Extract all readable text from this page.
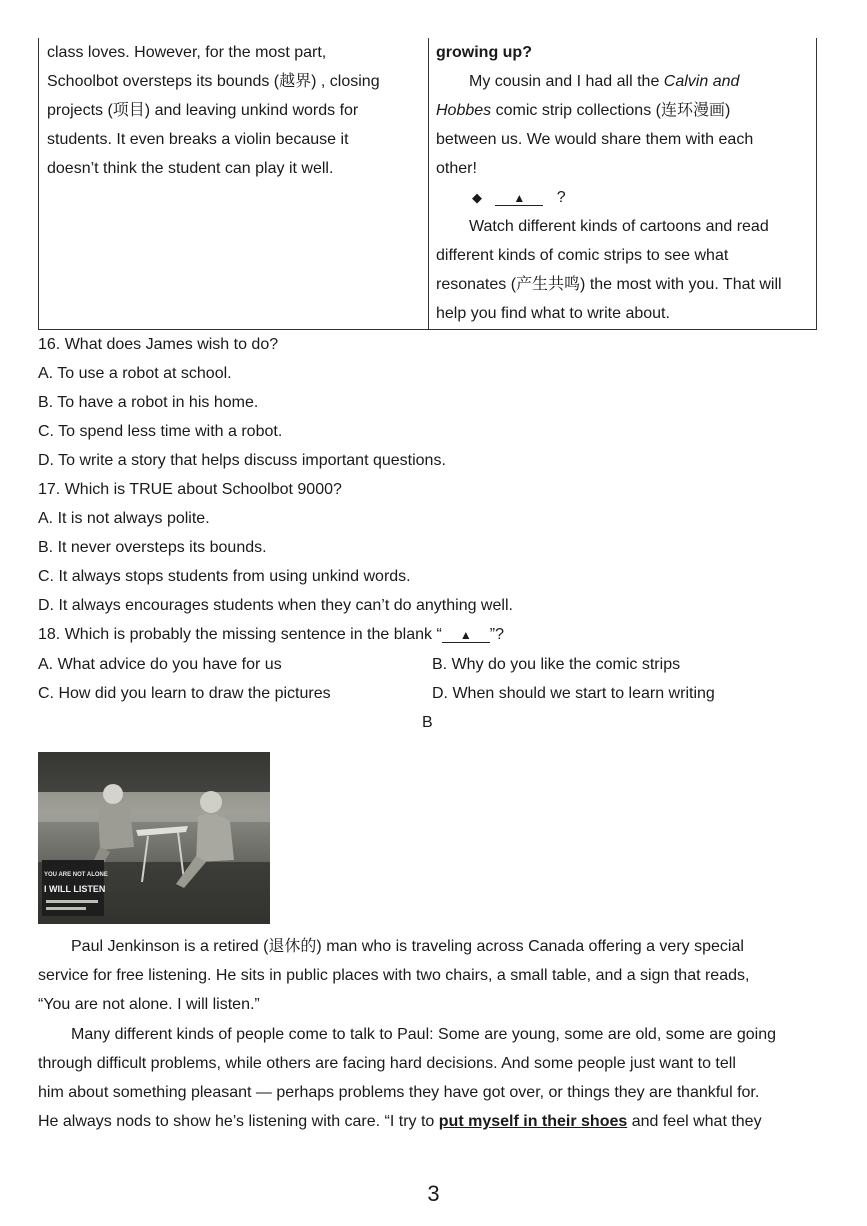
class loves. However, for the most part,
Schoolbot oversteps its bounds (越界) , closing
projects (项目) and leaving unkind words for
students. It even breaks a violin because it
doesn’t think the student can play it well.
growing up?
My cousin and I had all the Calvin and
Hobbes comic strip collections (连环漫画)
between us. We would share them with each
other!
◆	▲ ?
Watch different kinds of cartoons and read
different kinds of comic strips to see what
resonates (产生共鸣) the most with you. That will
help you find what to write about.
16. What does James wish to do?
A. To use a robot at school.
B. To have a robot in his home.
C. To spend less time with a robot.
D. To write a story that helps discuss important questions.
17. Which is TRUE about Schoolbot 9000?
A. It is not always polite.
B. It never oversteps its bounds.
C. It always stops students from using unkind words.
D. It always encourages students when they can’t do anything well.
18. Which is probably the missing sentence in the blank “ ▲ ”?
A. What advice do you have for us	B. Why do you like the comic strips
C. How did you learn to draw the pictures	D. When should we start to learn writing
B
YOU ARE NOT ALONE
I WILL LISTEN
Paul Jenkinson is a retired (退休的) man who is traveling across Canada offering a very special
service for free listening. He sits in public places with two chairs, a small table, and a sign that reads,
“You are not alone. I will listen.”
Many different kinds of people come to talk to Paul: Some are young, some are old, some are going
through difficult problems, while others are facing hard decisions. And some people just want to tell
him about something pleasant — perhaps problems they have got over, or things they are thankful for.
He always nods to show he’s listening with care. “I try to put myself in their shoes and feel what they
3
